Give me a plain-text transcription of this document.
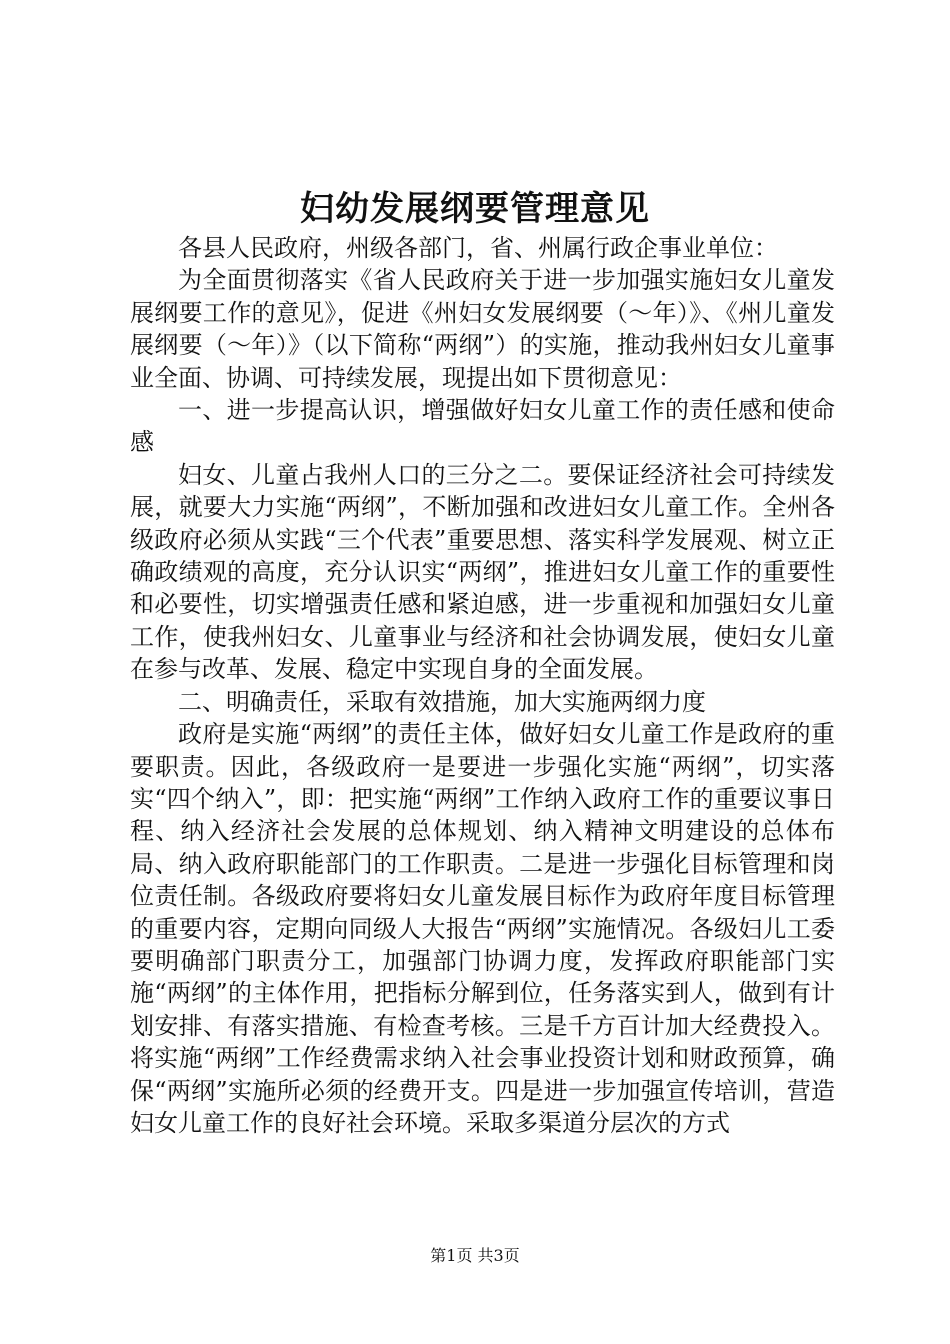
妇幼发展纲要管理意见

各县人民政府，州级各部门，省、州属行政企事业单位：

为全面贯彻落实《省人民政府关于进一步加强实施妇女儿童发展纲要工作的意见》，促进《州妇女发展纲要（～年）》、《州儿童发展纲要（～年）》（以下简称“两纲”）的实施，推动我州妇女儿童事业全面、协调、可持续发展，现提出如下贯彻意见：

一、进一步提高认识，增强做好妇女儿童工作的责任感和使命感

妇女、儿童占我州人口的三分之二。要保证经济社会可持续发展，就要大力实施“两纲”，不断加强和改进妇女儿童工作。全州各级政府必须从实践“三个代表”重要思想、落实科学发展观、树立正确政绩观的高度，充分认识实“两纲”，推进妇女儿童工作的重要性和必要性，切实增强责任感和紧迫感，进一步重视和加强妇女儿童工作，使我州妇女、儿童事业与经济和社会协调发展，使妇女儿童在参与改革、发展、稳定中实现自身的全面发展。

二、明确责任，采取有效措施，加大实施两纲力度

政府是实施“两纲”的责任主体，做好妇女儿童工作是政府的重要职责。因此，各级政府一是要进一步强化实施“两纲”，切实落实“四个纳入”，即：把实施“两纲”工作纳入政府工作的重要议事日程、纳入经济社会发展的总体规划、纳入精神文明建设的总体布局、纳入政府职能部门的工作职责。二是进一步强化目标管理和岗位责任制。各级政府要将妇女儿童发展目标作为政府年度目标管理的重要内容，定期向同级人大报告“两纲”实施情况。各级妇儿工委要明确部门职责分工，加强部门协调力度，发挥政府职能部门实施“两纲”的主体作用，把指标分解到位，任务落实到人，做到有计划安排、有落实措施、有检查考核。三是千方百计加大经费投入。将实施“两纲”工作经费需求纳入社会事业投资计划和财政预算，确保“两纲”实施所必须的经费开支。四是进一步加强宣传培训，营造妇女儿童工作的良好社会环境。采取多渠道分层次的方式

第1页 共3页
